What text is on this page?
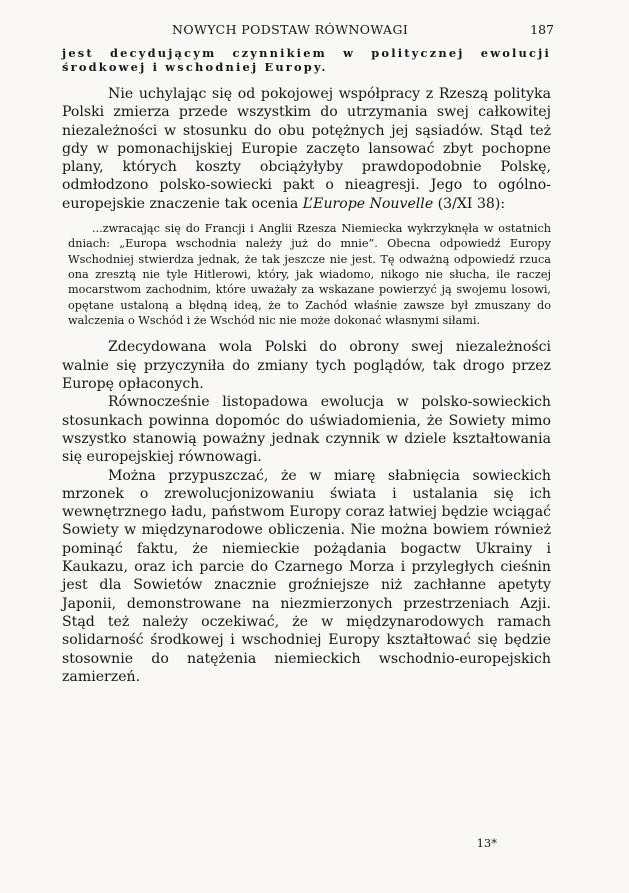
NOWYCH PODSTAW RÓWNOWAGI	187

jest decydującym czynnikiem w politycznej ewolucji środkowej i wschodniej Europy.

Nie uchylając się od pokojowej współpracy z Rzeszą polityka Polski zmierza przede wszystkim do utrzymania swej całkowitej niezależności w stosunku do obu potężnych jej sąsiadów. Stąd też gdy w pomonachijskiej Europie zaczęto lansować zbyt pochopne plany, których koszty obciążyłyby prawdopodobnie Polskę, odmłodzono polsko-sowiecki pakt o nieagresji. Jego to ogólno-europejskie znaczenie tak ocenia L’Europe Nouvelle (3/XI 38):

...zwracając się do Francji i Anglii Rzesza Niemiecka wykrzyknęła w ostatnich dniach: „Europa wschodnia należy już do mnie”. Obecna odpowiedź Europy Wschodniej stwierdza jednak, że tak jeszcze nie jest. Tę odważną odpowiedź rzuca ona zresztą nie tyle Hitlerowi, który, jak wiadomo, nikogo nie słucha, ile raczej mocarstwom zachodnim, które uważały za wskazane powierzyć ją swojemu losowi, opętane ustaloną a błędną ideą, że to Zachód właśnie zawsze był zmuszany do walczenia o Wschód i że Wschód nic nie może dokonać własnymi siłami.

Zdecydowana wola Polski do obrony swej niezależności walnie się przyczyniła do zmiany tych poglądów, tak drogo przez Europę opłaconych.

Równocześnie listopadowa ewolucja w polsko-sowieckich stosunkach powinna dopomóc do uświadomienia, że Sowiety mimo wszystko stanowią poważny jednak czynnik w dziele kształtowania się europejskiej równowagi.

Można przypuszczać, że w miarę słabnięcia sowieckich mrzonek o zrewolucjonizowaniu świata i ustalania się ich wewnętrznego ładu, państwom Europy coraz łatwiej będzie wciągać Sowiety w międzynarodowe obliczenia. Nie można bowiem również pominąć faktu, że niemieckie pożądania bogactw Ukrainy i Kaukazu, oraz ich parcie do Czarnego Morza i przyległych cieśnin jest dla Sowietów znacznie groźniejsze niż zachłanne apetyty Japonii, demonstrowane na niezmierzonych przestrzeniach Azji. Stąd też należy oczekiwać, że w międzynarodowych ramach solidarność środkowej i wschodniej Europy kształtować się będzie stosownie do natężenia niemieckich wschodnio-europejskich zamierzeń.

13*
